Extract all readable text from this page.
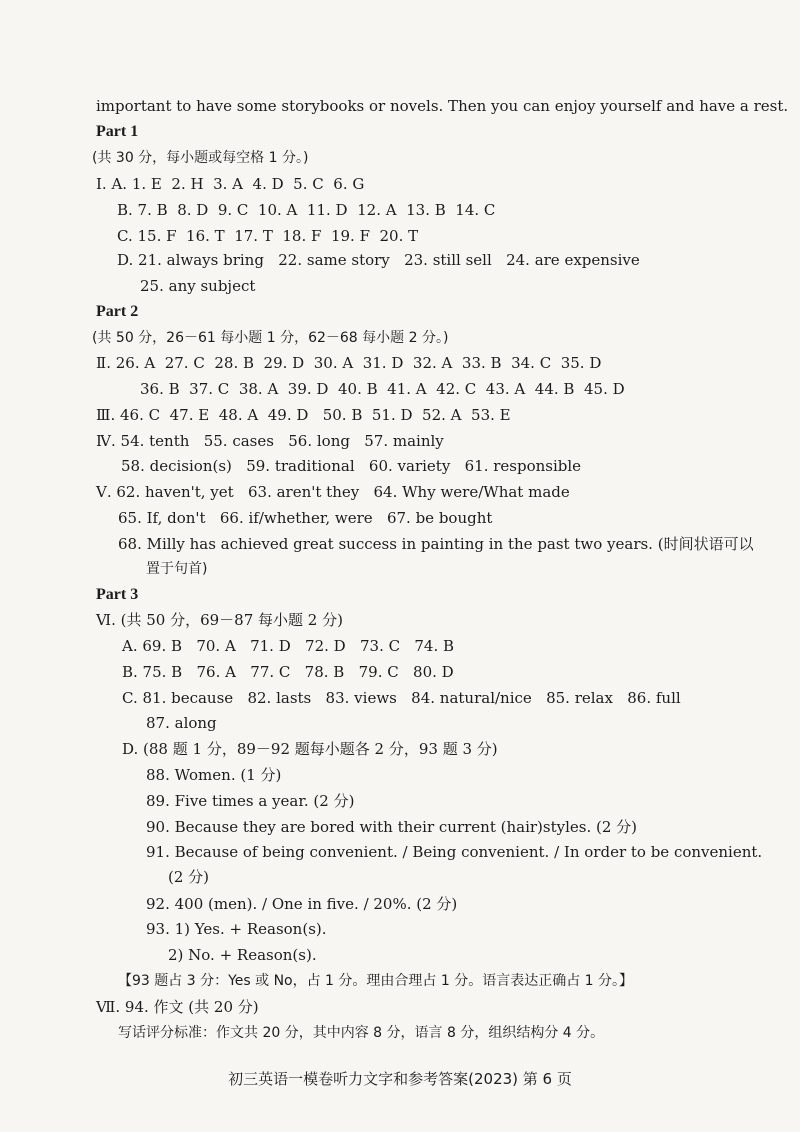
important to have some storybooks or novels. Then you can enjoy yourself and have a rest.
Part 1
(共 30 分，每小题或每空格 1 分。)
Ⅰ. A. 1. E  2. H  3. A  4. D  5. C  6. G
B. 7. B  8. D  9. C  10. A  11. D  12. A  13. B  14. C
C. 15. F  16. T  17. T  18. F  19. F  20. T
D. 21. always bring   22. same story   23. still sell   24. are expensive
25. any subject
Part 2
(共 50 分，26－61 每小题 1 分，62－68 每小题 2 分。)
Ⅱ. 26. A  27. C  28. B  29. D  30. A  31. D  32. A  33. B  34. C  35. D
36. B  37. C  38. A  39. D  40. B  41. A  42. C  43. A  44. B  45. D
Ⅲ. 46. C  47. E  48. A  49. D   50. B  51. D  52. A  53. E
Ⅳ. 54. tenth   55. cases   56. long   57. mainly
58. decision(s)   59. traditional   60. variety   61. responsible
Ⅴ. 62. haven't, yet   63. aren't they   64. Why were/What made
65. If, don't   66. if/whether, were   67. be bought
68. Milly has achieved great success in painting in the past two years. (时间状语可以
置于句首)
Part 3
Ⅵ. (共 50 分，69－87 每小题 2 分)
A. 69. B   70. A   71. D   72. D   73. C   74. B
B. 75. B   76. A   77. C   78. B   79. C   80. D
C. 81. because   82. lasts   83. views   84. natural/nice   85. relax   86. full
87. along
D. (88 题 1 分，89－92 题每小题各 2 分，93 题 3 分)
88. Women. (1 分)
89. Five times a year. (2 分)
90. Because they are bored with their current (hair)styles. (2 分)
91. Because of being convenient. / Being convenient. / In order to be convenient.
(2 分)
92. 400 (men). / One in five. / 20%. (2 分)
93. 1) Yes. + Reason(s).
2) No. + Reason(s).
【93 题占 3 分：Yes 或 No，占 1 分。理由合理占 1 分。语言表达正确占 1 分。】
Ⅶ. 94. 作文 (共 20 分)
写话评分标准：作文共 20 分，其中内容 8 分，语言 8 分，组织结构分 4 分。
初三英语一模卷听力文字和参考答案(2023) 第 6 页
